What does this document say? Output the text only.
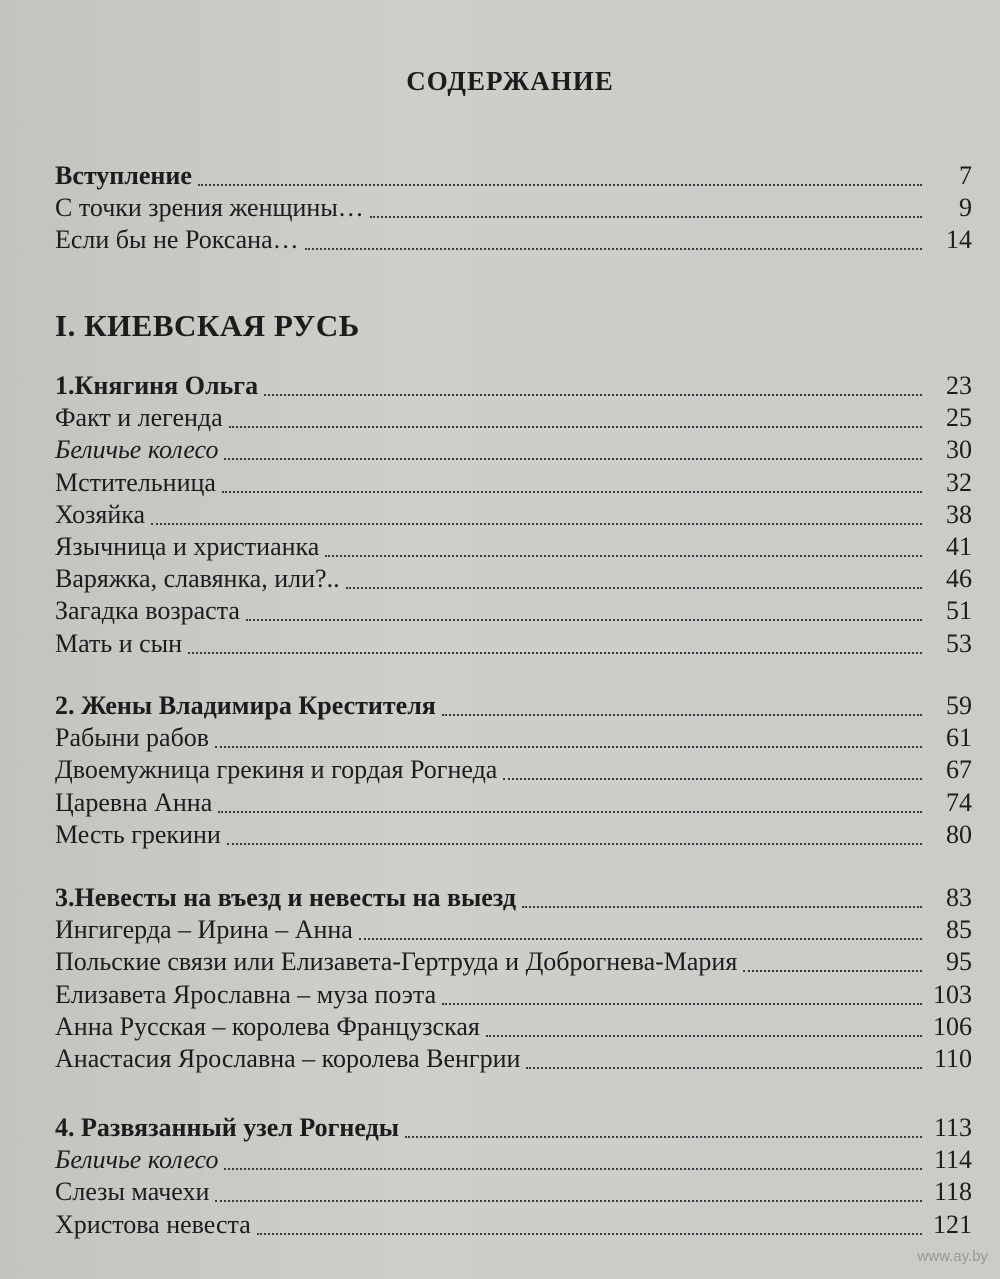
СОДЕРЖАНИЕ
Вступление	7
С точки зрения женщины…	9
Если бы не Роксана…	14
I. КИЕВСКАЯ РУСЬ
1.Княгиня Ольга	23
Факт и легенда	25
Беличье колесо	30
Мстительница	32
Хозяйка	38
Язычница и христианка	41
Варяжка, славянка, или?..	46
Загадка возраста	51
Мать и сын	53
2. Жены Владимира Крестителя	59
Рабыни рабов	61
Двоемужница грекиня и гордая Рогнеда	67
Царевна Анна	74
Месть грекини	80
3.Невесты на въезд и невесты на выезд	83
Ингигерда – Ирина – Анна	85
Польские связи или Елизавета-Гертруда и Доброгнева-Мария	95
Елизавета Ярославна – муза поэта	103
Анна Русская – королева Французская	106
Анастасия Ярославна – королева Венгрии	110
4. Развязанный узел Рогнеды	113
Беличье колесо	114
Слезы мачехи	118
Христова невеста	121
www.ay.by
